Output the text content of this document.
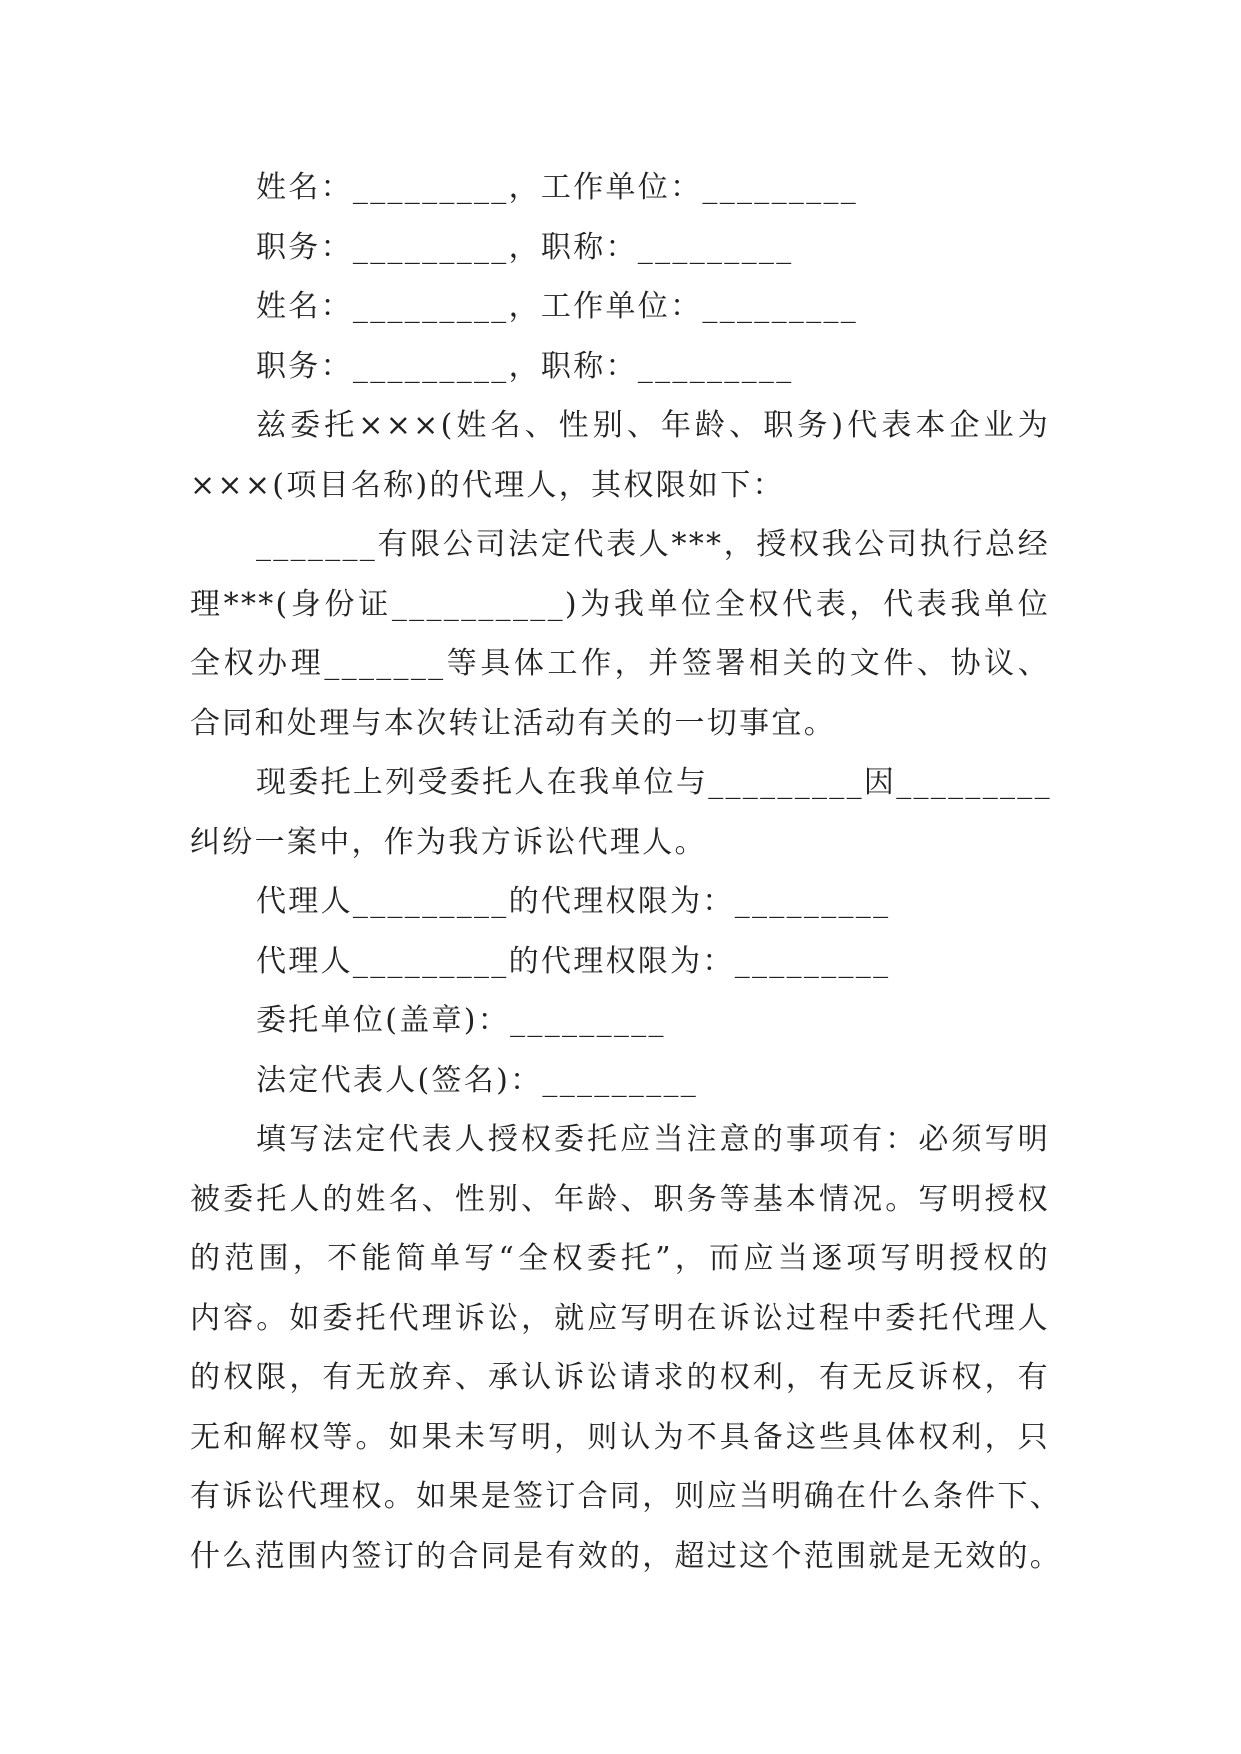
姓名：_________，工作单位：_________
职务：_________，职称：_________
姓名：_________，工作单位：_________
职务：_________，职称：_________
兹委托×××(姓名、性别、年龄、职务)代表本企业为
×××(项目名称)的代理人，其权限如下：
_______有限公司法定代表人***，授权我公司执行总经
理***(身份证__________)为我单位全权代表，代表我单位
全权办理_______等具体工作，并签署相关的文件、协议、
合同和处理与本次转让活动有关的一切事宜。
现委托上列受委托人在我单位与_________因_________
纠纷一案中，作为我方诉讼代理人。
代理人_________的代理权限为：_________
代理人_________的代理权限为：_________
委托单位(盖章)：_________
法定代表人(签名)：_________
填写法定代表人授权委托应当注意的事项有：必须写明
被委托人的姓名、性别、年龄、职务等基本情况。写明授权
的范围，不能简单写“全权委托”，而应当逐项写明授权的
内容。如委托代理诉讼，就应写明在诉讼过程中委托代理人
的权限，有无放弃、承认诉讼请求的权利，有无反诉权，有
无和解权等。如果未写明，则认为不具备这些具体权利，只
有诉讼代理权。如果是签订合同，则应当明确在什么条件下、
什么范围内签订的合同是有效的，超过这个范围就是无效的。
